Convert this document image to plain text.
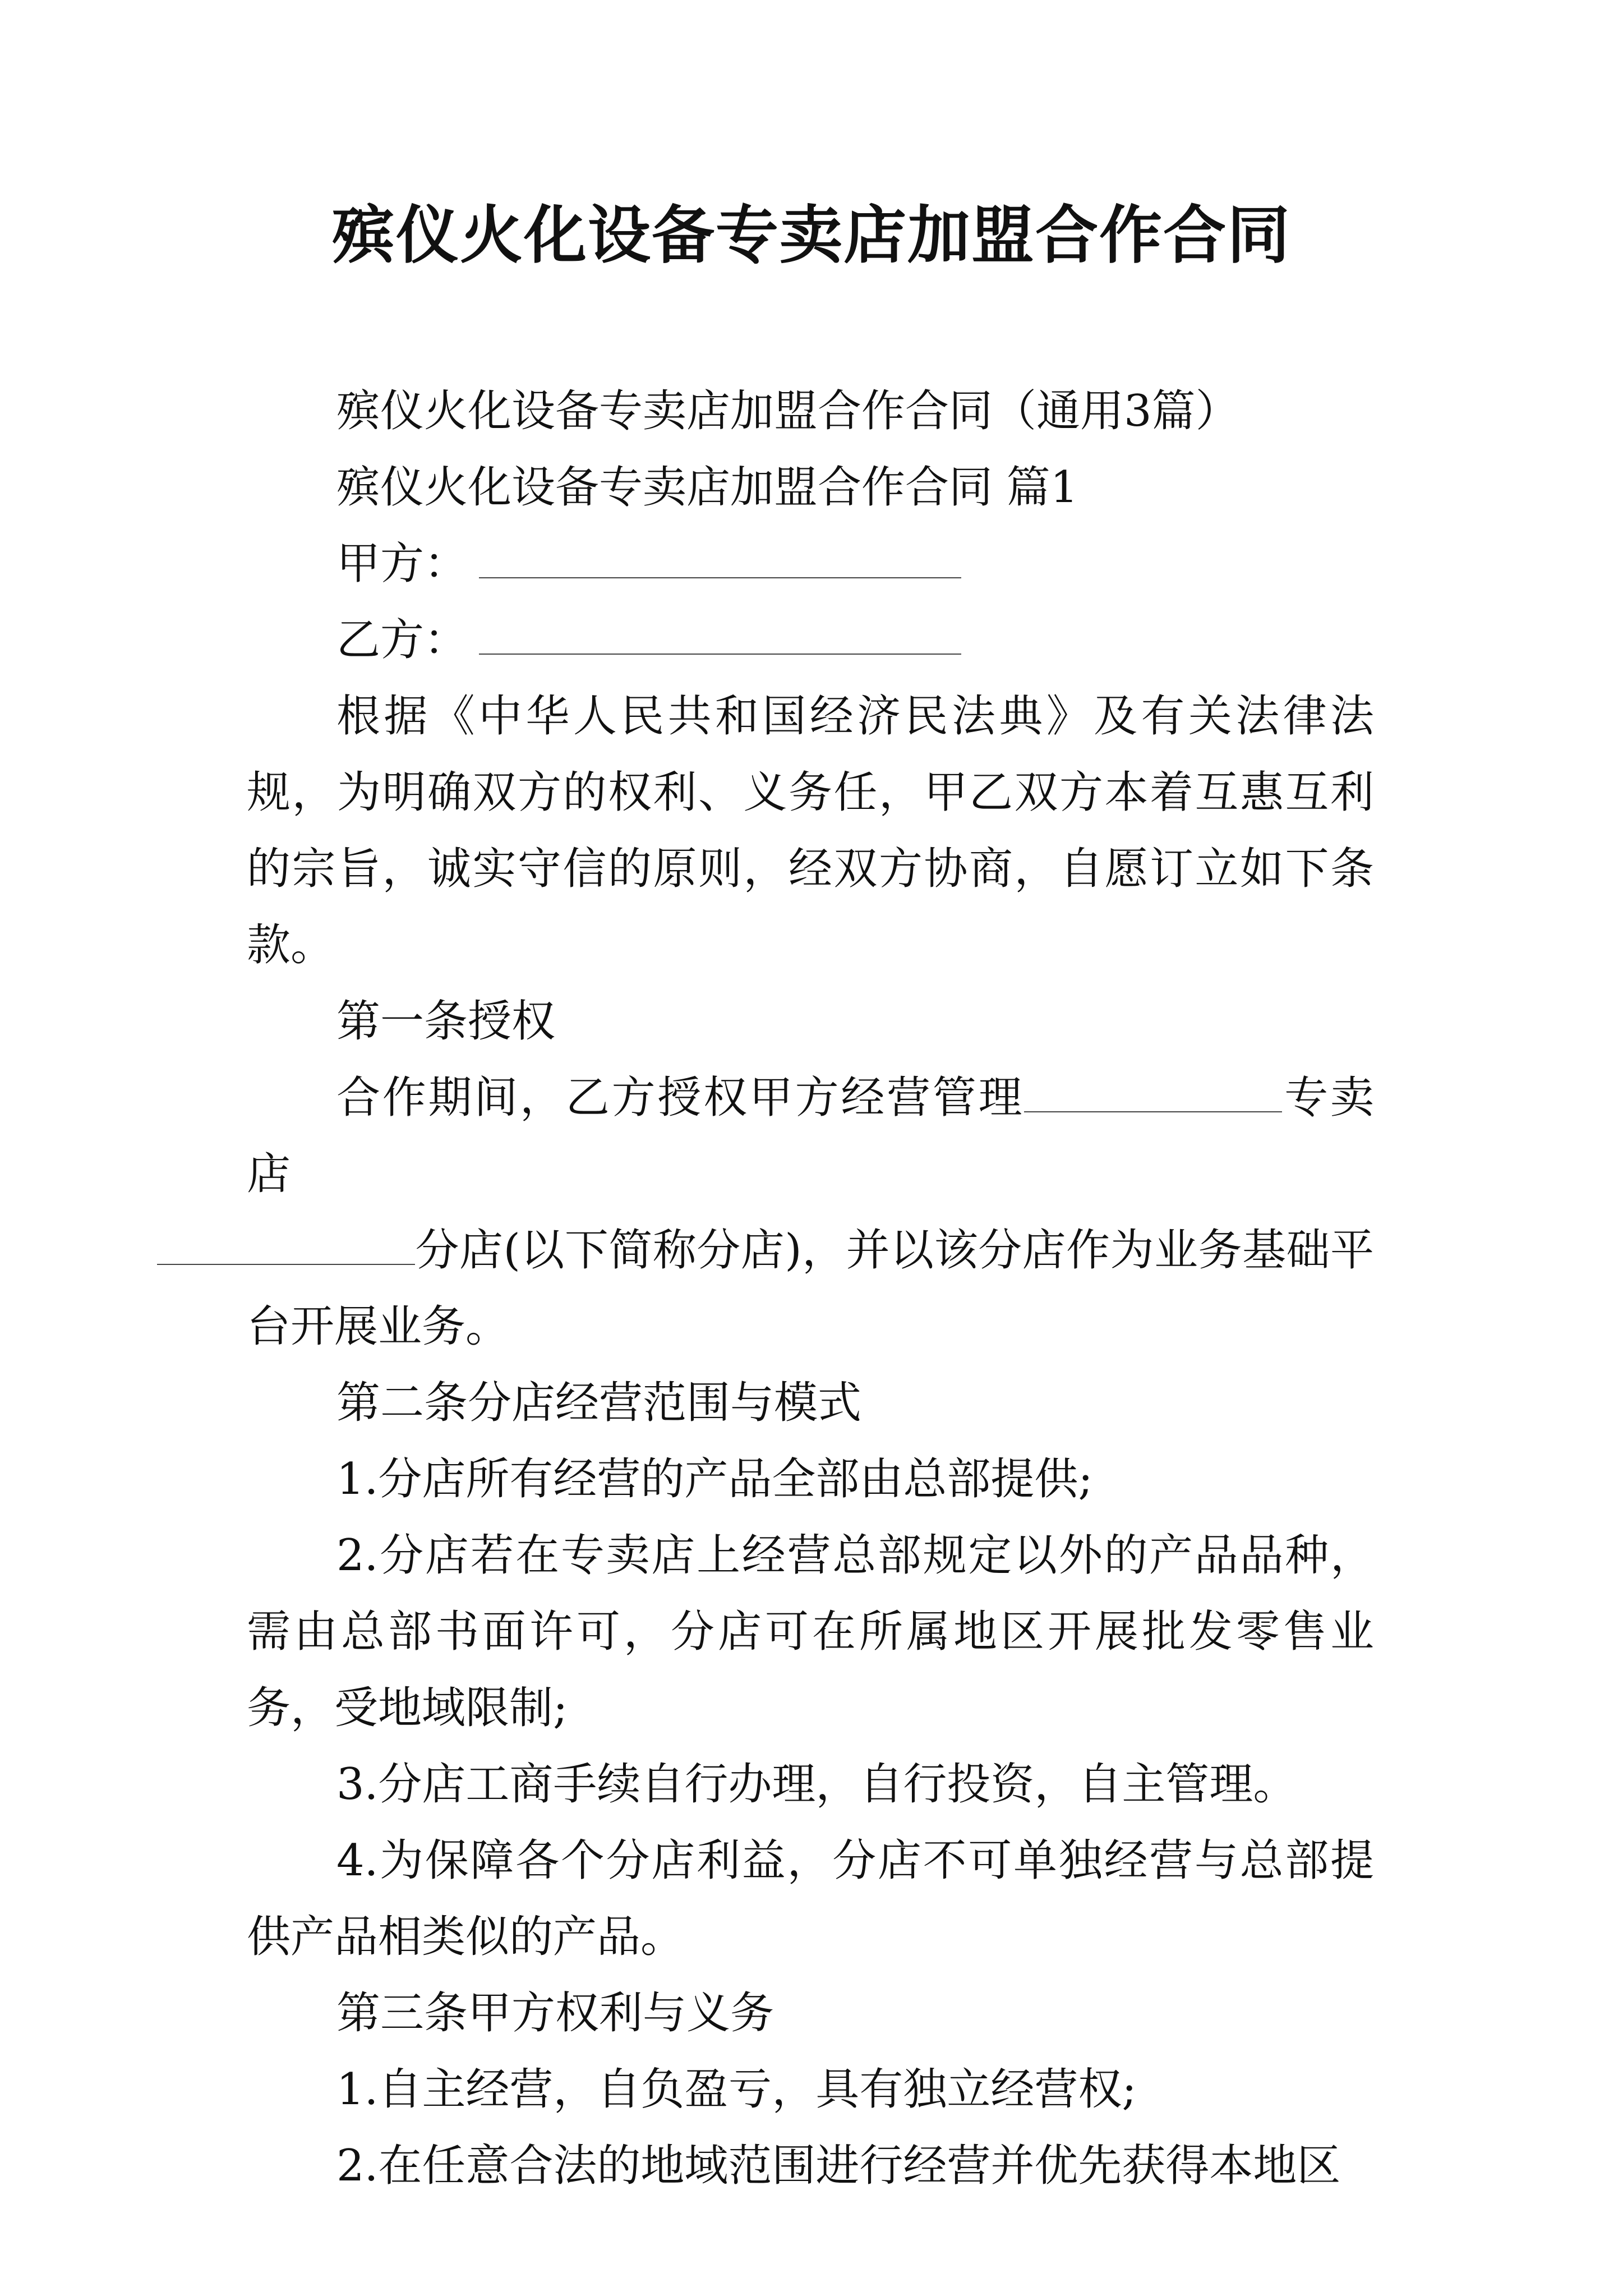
殡仪火化设备专卖店加盟合作合同

殡仪火化设备专卖店加盟合作合同（通用3篇）

殡仪火化设备专卖店加盟合作合同 篇1

甲方：

乙方：

根据《中华人民共和国经济民法典》及有关法律法规，为明确双方的权利、义务任，甲乙双方本着互惠互利的宗旨，诚实守信的原则，经双方协商，自愿订立如下条款。

第一条授权

合作期间，乙方授权甲方经营管理	专卖店
分店(以下简称分店)，并以该分店作为业务基础平台开展业务。

第二条分店经营范围与模式

1.分店所有经营的产品全部由总部提供;

2.分店若在专卖店上经营总部规定以外的产品品种，需由总部书面许可，分店可在所属地区开展批发零售业务，受地域限制;

3.分店工商手续自行办理，自行投资，自主管理。

4.为保障各个分店利益，分店不可单独经营与总部提供产品相类似的产品。

第三条甲方权利与义务

1.自主经营，自负盈亏，具有独立经营权;

2.在任意合法的地域范围进行经营并优先获得本地区
